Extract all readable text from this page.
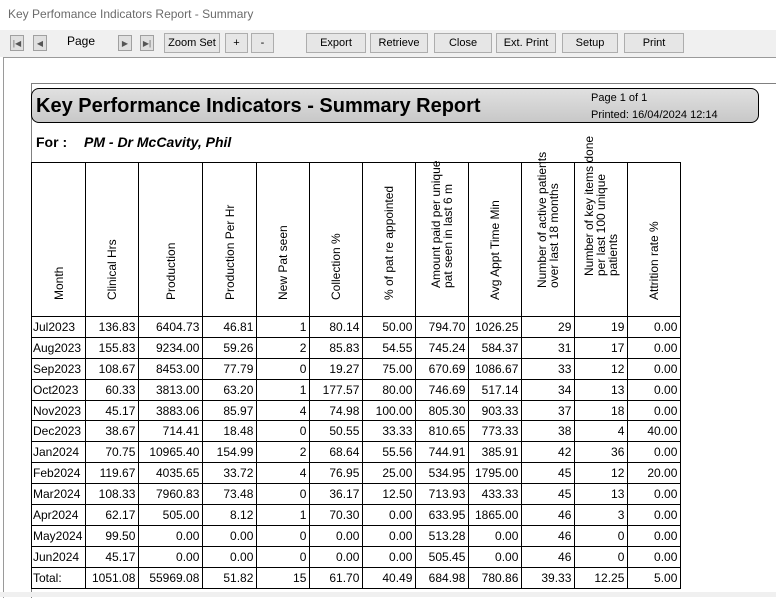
Key Perfomance Indicators Report - Summary
|◀	◀	Page	▶	▶|	Zoom Set	+	-	Export	Retrieve	Close	Ext. Print	Setup	Print
Key Performance Indicators - Summary Report	Page 1 of 1
Printed: 16/04/2024 12:14
For : PM - Dr McCavity, Phil
Month	Clinical Hrs	Production	Production Per Hr	New Pat seen	Collection %	% of pat re appointed	Amount paid per unique pat seen in last 6 m	Avg Appt Time Min	Number of active patients over last 18 months	Number of key items done per last 100 unique patients	Attrition rate %

Jul2023	136.83	6404.73	46.81	1	80.14	50.00	794.70	1026.25	29	19	0.00
Aug2023	155.83	9234.00	59.26	2	85.83	54.55	745.24	584.37	31	17	0.00
Sep2023	108.67	8453.00	77.79	0	19.27	75.00	670.69	1086.67	33	12	0.00
Oct2023	60.33	3813.00	63.20	1	177.57	80.00	746.69	517.14	34	13	0.00
Nov2023	45.17	3883.06	85.97	4	74.98	100.00	805.30	903.33	37	18	0.00
Dec2023	38.67	714.41	18.48	0	50.55	33.33	810.65	773.33	38	4	40.00
Jan2024	70.75	10965.40	154.99	2	68.64	55.56	744.91	385.91	42	36	0.00
Feb2024	119.67	4035.65	33.72	4	76.95	25.00	534.95	1795.00	45	12	20.00
Mar2024	108.33	7960.83	73.48	0	36.17	12.50	713.93	433.33	45	13	0.00
Apr2024	62.17	505.00	8.12	1	70.30	0.00	633.95	1865.00	46	3	0.00
May2024	99.50	0.00	0.00	0	0.00	0.00	513.28	0.00	46	0	0.00
Jun2024	45.17	0.00	0.00	0	0.00	0.00	505.45	0.00	46	0	0.00
Total:	1051.08	55969.08	51.82	15	61.70	40.49	684.98	780.86	39.33	12.25	5.00
